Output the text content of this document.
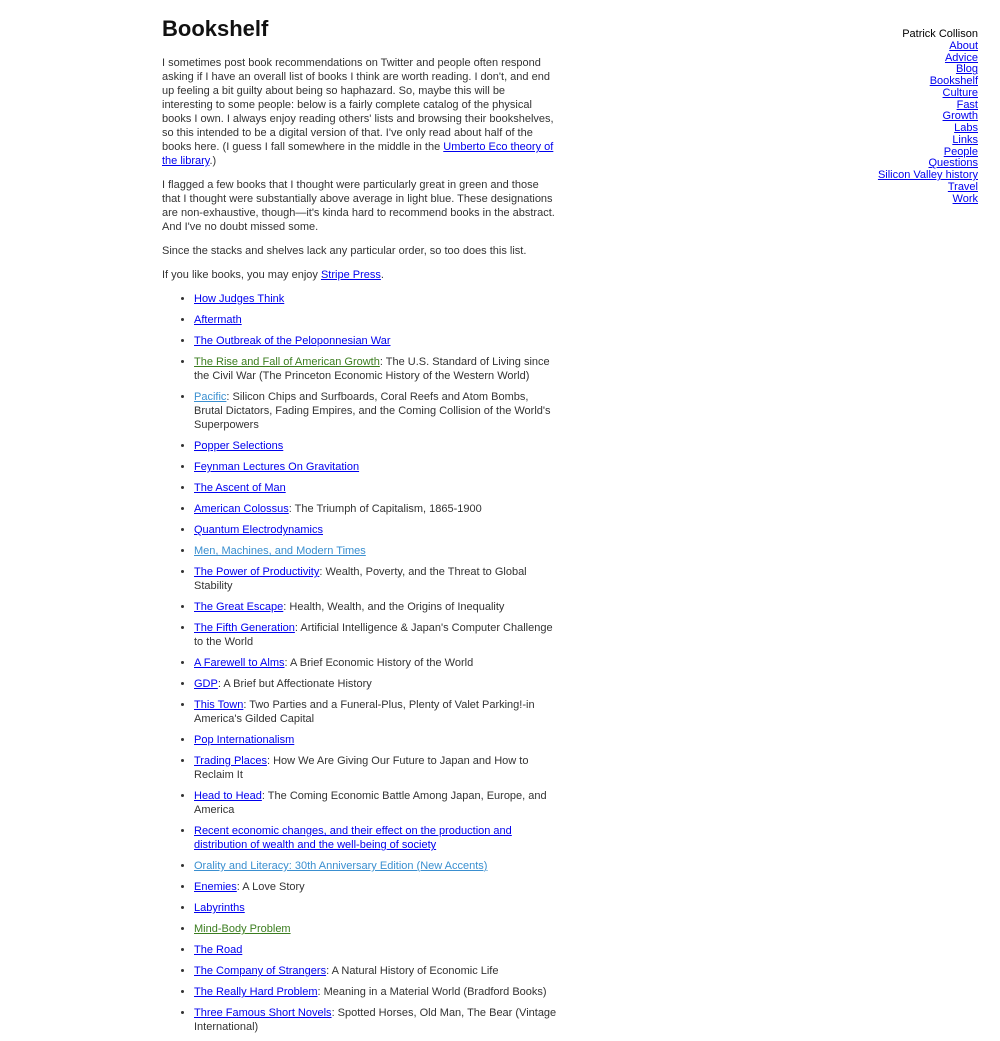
Patrick Collison
About
Advice
Blog
Bookshelf
Culture
Fast
Growth
Labs
Links
People
Questions
Silicon Valley history
Travel
Work
Bookshelf

I sometimes post book recommendations on Twitter and people often respond asking if I have an overall list of books I think are worth reading. I don't, and end up feeling a bit guilty about being so haphazard. So, maybe this will be interesting to some people: below is a fairly complete catalog of the physical books I own. I always enjoy reading others' lists and browsing their bookshelves, so this intended to be a digital version of that. I've only read about half of the books here. (I guess I fall somewhere in the middle in the Umberto Eco theory of the library.)

I flagged a few books that I thought were particularly great in green and those that I thought were substantially above average in light blue. These designations are non-exhaustive, though—it's kinda hard to recommend books in the abstract. And I've no doubt missed some.

Since the stacks and shelves lack any particular order, so too does this list.

If you like books, you may enjoy Stripe Press.

• How Judges Think
• Aftermath
• The Outbreak of the Peloponnesian War
• The Rise and Fall of American Growth: The U.S. Standard of Living since the Civil War (The Princeton Economic History of the Western World)
• Pacific: Silicon Chips and Surfboards, Coral Reefs and Atom Bombs, Brutal Dictators, Fading Empires, and the Coming Collision of the World's Superpowers
• Popper Selections
• Feynman Lectures On Gravitation
• The Ascent of Man
• American Colossus: The Triumph of Capitalism, 1865-1900
• Quantum Electrodynamics
• Men, Machines, and Modern Times
• The Power of Productivity: Wealth, Poverty, and the Threat to Global Stability
• The Great Escape: Health, Wealth, and the Origins of Inequality
• The Fifth Generation: Artificial Intelligence & Japan's Computer Challenge to the World
• A Farewell to Alms: A Brief Economic History of the World
• GDP: A Brief but Affectionate History
• This Town: Two Parties and a Funeral-Plus, Plenty of Valet Parking!-in America's Gilded Capital
• Pop Internationalism
• Trading Places: How We Are Giving Our Future to Japan and How to Reclaim It
• Head to Head: The Coming Economic Battle Among Japan, Europe, and America
• Recent economic changes, and their effect on the production and distribution of wealth and the well-being of society
• Orality and Literacy: 30th Anniversary Edition (New Accents)
• Enemies: A Love Story
• Labyrinths
• Mind-Body Problem
• The Road
• The Company of Strangers: A Natural History of Economic Life
• The Really Hard Problem: Meaning in a Material World (Bradford Books)
• Three Famous Short Novels: Spotted Horses, Old Man, The Bear (Vintage International)
